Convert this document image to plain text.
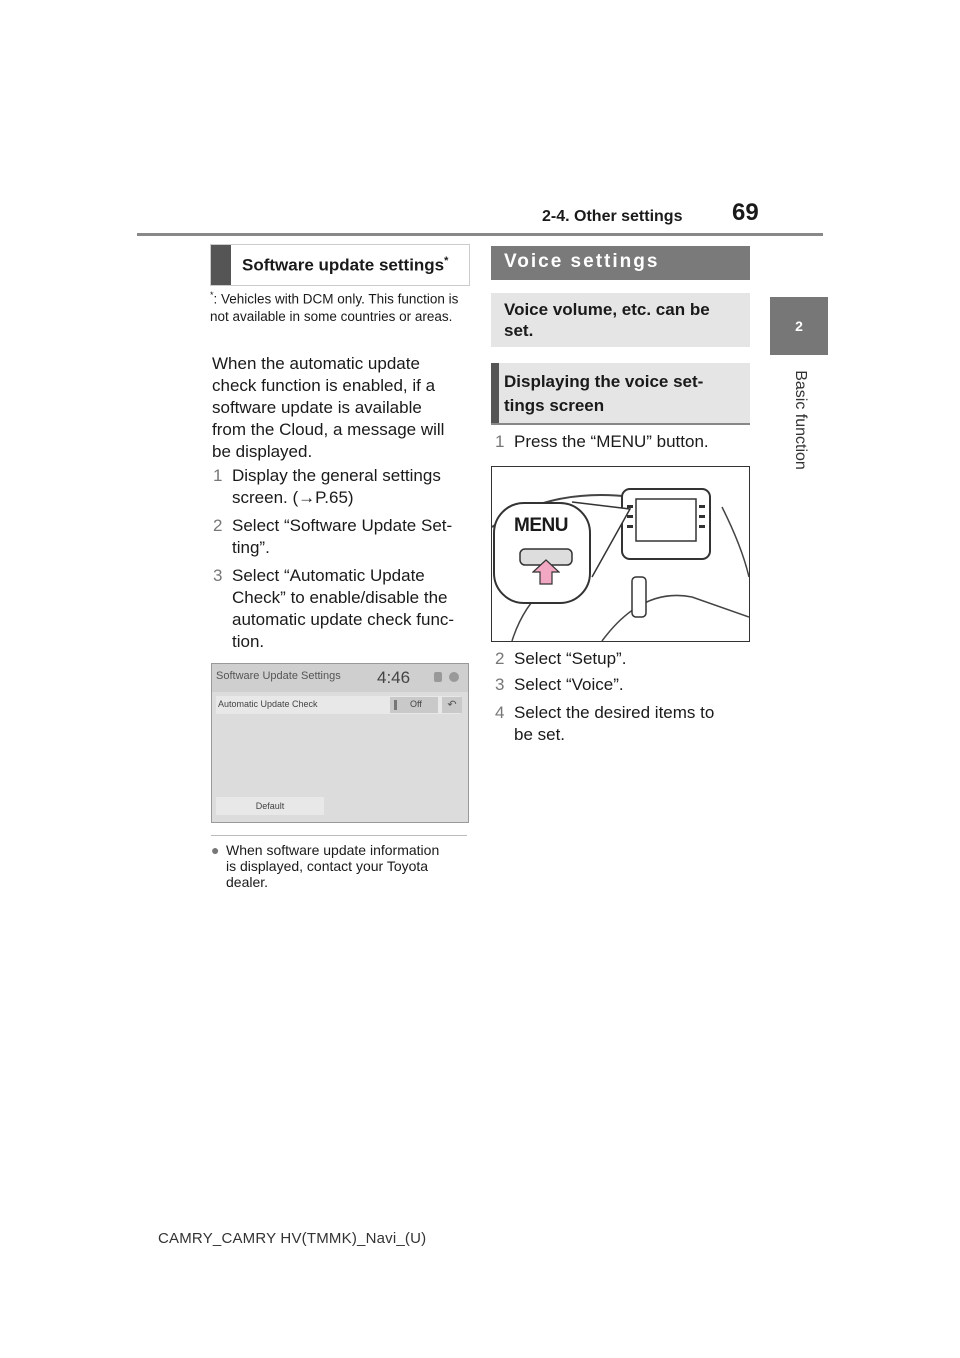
2-4. Other settings 69
2
Basic function
Software update settings*
*: Vehicles with DCM only. This function is not available in some countries or areas.
When the automatic update
check function is enabled, if a
software update is available
from the Cloud, a message will
be displayed.
1 Display the general settings
screen. (→P.65)
2 Select “Software Update Set-
ting”.
3 Select “Automatic Update
Check” to enable/disable the
automatic update check func-
tion.
Software Update Settings 4:46
Automatic Update Check	Off	↶
Default
● When software update information
is displayed, contact your Toyota
dealer.
Voice settings
Voice volume, etc. can be
set.
Displaying the voice set-
tings screen
1 Press the “MENU” button.
MENU
2 Select “Setup”.
3 Select “Voice”.
4 Select the desired items to
be set.
CAMRY_CAMRY HV(TMMK)_Navi_(U)
